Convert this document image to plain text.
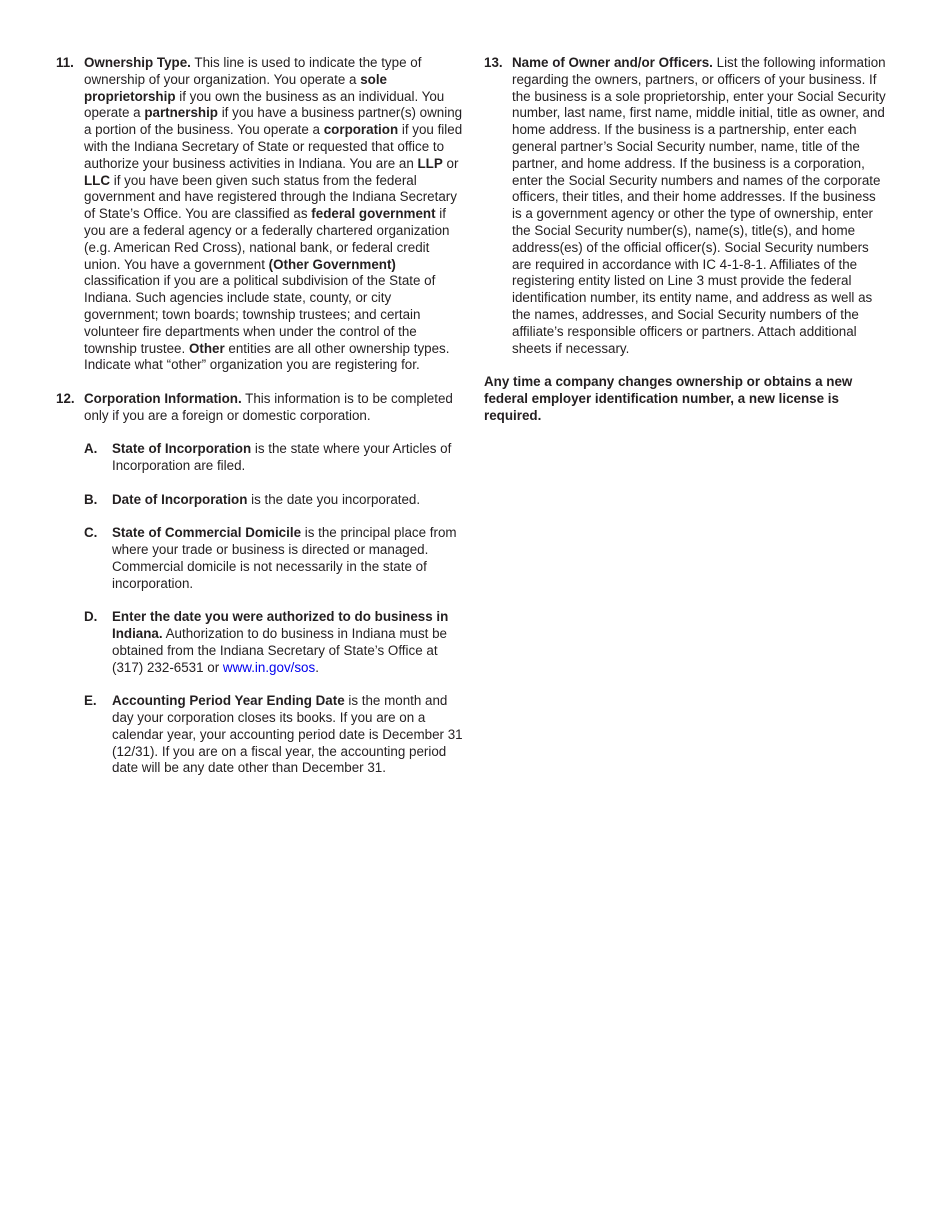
11. Ownership Type. This line is used to indicate the type of ownership of your organization. You operate a sole proprietorship if you own the business as an individual. You operate a partnership if you have a business partner(s) owning a portion of the business. You operate a corporation if you filed with the Indiana Secretary of State or requested that office to authorize your business activities in Indiana. You are an LLP or LLC if you have been given such status from the federal government and have registered through the Indiana Secretary of State’s Office. You are classified as federal government if you are a federal agency or a federally chartered organization (e.g. American Red Cross), national bank, or federal credit union. You have a government (Other Government) classification if you are a political subdivision of the State of Indiana. Such agencies include state, county, or city government; town boards; township trustees; and certain volunteer fire departments when under the control of the township trustee. Other entities are all other ownership types. Indicate what “other” organization you are registering for.

12. Corporation Information. This information is to be completed only if you are a foreign or domestic corporation.

A. State of Incorporation is the state where your Articles of Incorporation are filed.

B. Date of Incorporation is the date you incorporated.

C. State of Commercial Domicile is the principal place from where your trade or business is directed or managed. Commercial domicile is not necessarily in the state of incorporation.

D. Enter the date you were authorized to do business in Indiana. Authorization to do business in Indiana must be obtained from the Indiana Secretary of State’s Office at (317) 232-6531 or www.in.gov/sos.

E. Accounting Period Year Ending Date is the month and day your corporation closes its books. If you are on a calendar year, your accounting period date is December 31 (12/31). If you are on a fiscal year, the accounting period date will be any date other than December 31.

13. Name of Owner and/or Officers. List the following information regarding the owners, partners, or officers of your business. If the business is a sole proprietorship, enter your Social Security number, last name, first name, middle initial, title as owner, and home address. If the business is a partnership, enter each general partner’s Social Security number, name, title of the partner, and home address. If the business is a corporation, enter the Social Security numbers and names of the corporate officers, their titles, and their home addresses. If the business is a government agency or other the type of ownership, enter the Social Security number(s), name(s), title(s), and home address(es) of the official officer(s). Social Security numbers are required in accordance with IC 4-1-8-1. Affiliates of the registering entity listed on Line 3 must provide the federal identification number, its entity name, and address as well as the names, addresses, and Social Security numbers of the affiliate’s responsible officers or partners. Attach additional sheets if necessary.

Any time a company changes ownership or obtains a new federal employer identification number, a new license is required.
